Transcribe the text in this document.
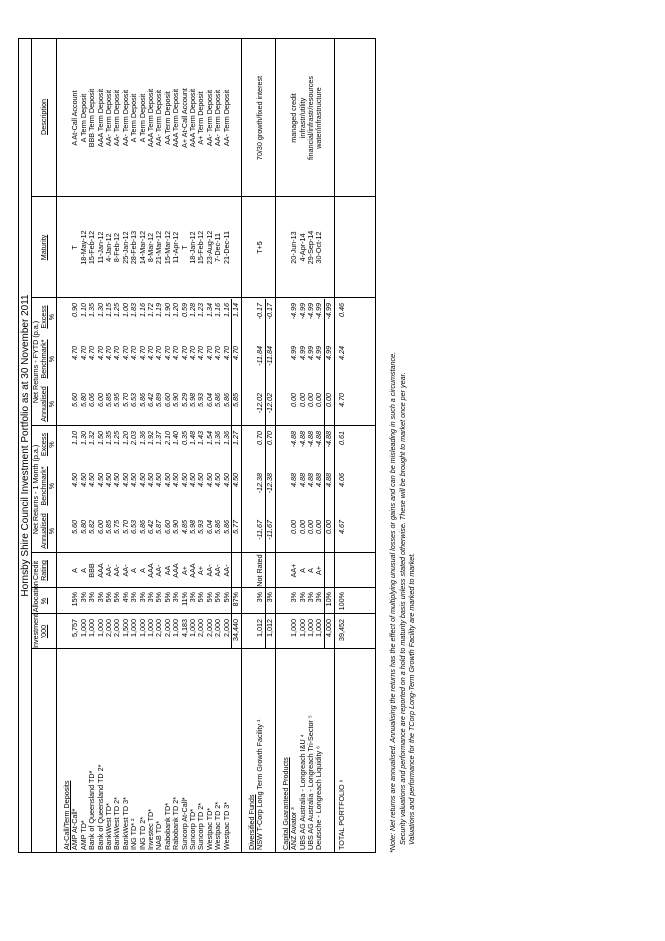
Hornsby Shire Council Investment Portfolio as at 30 November 2011
Investment Allocation
'000
%
Credit Rating
Net Returns - 1 Month (p.a.) Annualised
Benchmark*
Excess
%
%
%
Net Returns - FYTD (p.a.)
Annualised
Benchmark*
Excess
%
%
%
Maturity
Description
At-Call/Term Deposits AMP At-Call*
5,757
15%
A
5.60
4.50
1.10
5.60
4.70
0.90
T
A At-Call Account
AMP TD*
1,000
3%
A
5.80
4.50
1.30
5.80
4.70
1.10
18-May-12
A Term Deposit
Bank of Queensland TD*
1,000
3%
BBB
5.82
4.50
1.32
6.06
4.70
1.35
15-Feb-12
BBB Term Deposit
Bank of Queensland TD 2*
1,000
3%
AAA
6.00
4.50
1.50
6.00
4.70
1.30
11-Jan-12
AAA Term Deposit
BankWest TD*
2,000
5%
AA-
5.85
4.50
1.35
5.85
4.70
1.15
4-Jan-12
AA- Term Deposit
BankWest TD 2*
2,000
5%
AA-
5.75
4.50
1.25
5.95
4.70
1.25
8-Feb-12
AA- Term Deposit
BankWest TD 3*
1,500
4%
AA-
5.70
4.50
1.20
5.70
4.70
1.00
25-Jan-12
AA- Term Deposit
ING TD* ²
1,000
3%
A
6.53
4.50
2.03
6.53
4.70
1.83
28-Feb-13
A Term Deposit
ING TD 2*
1,000
3%
A
5.86
4.50
1.36
5.86
4.70
1.16
14-Mar-12
A Term Deposit
Investec TD*
1,000
3%
AAA
6.42
4.50
1.92
6.42
4.70
1.72
8-Mar-12
AAA Term Deposit
NAB TD*
2,000
5%
AA-
5.87
4.50
1.37
5.89
4.70
1.19
21-Mar-12
AA- Term Deposit
Rabobank TD*
2,000
5%
AA
6.60
4.50
2.10
6.60
4.70
1.90
15-Mar-12
AA Term Deposit
Rabobank TD 2*
1,000
3%
AAA
5.90
4.50
1.40
5.90
4.70
1.20
11-Apr-12
AAA Term Deposit
Suncorp At-Call*
4,183
11%
A+
4.85
4.50
0.35
5.29
4.70
0.59
T
A+ At-Call Account
Suncorp TD*
1,000
3%
AAA
5.98
4.50
1.48
5.98
4.70
1.28
18-Jan-12
AAA Term Deposit
Suncorp TD 2*
2,000
5%
A+
5.93
4.50
1.43
5.93
4.70
1.23
15-Feb-12
A+ Term Deposit
Westpac TD*
2,000
5%
AA-
6.04
4.50
1.54
6.04
4.70
1.34
23-Aug-12
AA- Term Deposit
Westpac TD 2*
2,000
5%
AA-
5.86
4.50
1.36
5.86
4.70
1.16
7-Dec-11
AA- Term Deposit
Westpac TD 3*
2,000
5%
AA-
5.86
4.50
1.36
5.86
4.70
1.16
21-Dec-11
AA- Term Deposit
34,440
87%
5.77
4.50
1.27
5.85
4.70
1.14
Diversified Funds NSW T-Corp Long Term Growth Facility ¹
1,012
3%
Not Rated
-11.67
-12.38
0.70
-12.02
-11.84
-0.17
T+5
70/30 growth/fixed interest
1,012
3%
-11.67
-12.38
0.70
-12.02
-11.84
-0.17
Capital Guaranteed Products ANZ Aviator ³
1,000
3%
AA+
0.00
4.88
-4.88
0.00
4.99
-4.99
20-Jun-13
managed credit
UBS AG Australia - Longreach I&U ⁴
1,000
3%
A
0.00
4.88
-4.88
0.00
4.99
-4.99
4-Apr-14
infrastr/utility
UBS AG Australia - Longreach Tri-Sector ⁵
1,000
3%
A
0.00
4.88
-4.88
0.00
4.99
-4.99
29-Sep-14
financial/infrastr/resources
Deutsche - Longreach Liquidity ⁶
1,000
3%
A+
0.00
4.88
-4.88
0.00
4.99
-4.99
30-Oct-12
water/infrastructure
4,000
10%
0.00
4.88
-4.88
0.00
4.99
-4.99
39,452
100%
4.67
4.06
0.61
4.70
4.24
0.46
TOTAL PORTFOLIO ⁶	*Note: Net returns are annualised. Annualising the returns has the effect of multiplying unusual losses or gains and can be misleading in such a circumstance. Security valuations and performance are reported on a hold to maturity basis unless stated otherwise. These will be brought to market once per year. Valuations and performance for the TCorp Long-Term Growth Facility are marked to market.
